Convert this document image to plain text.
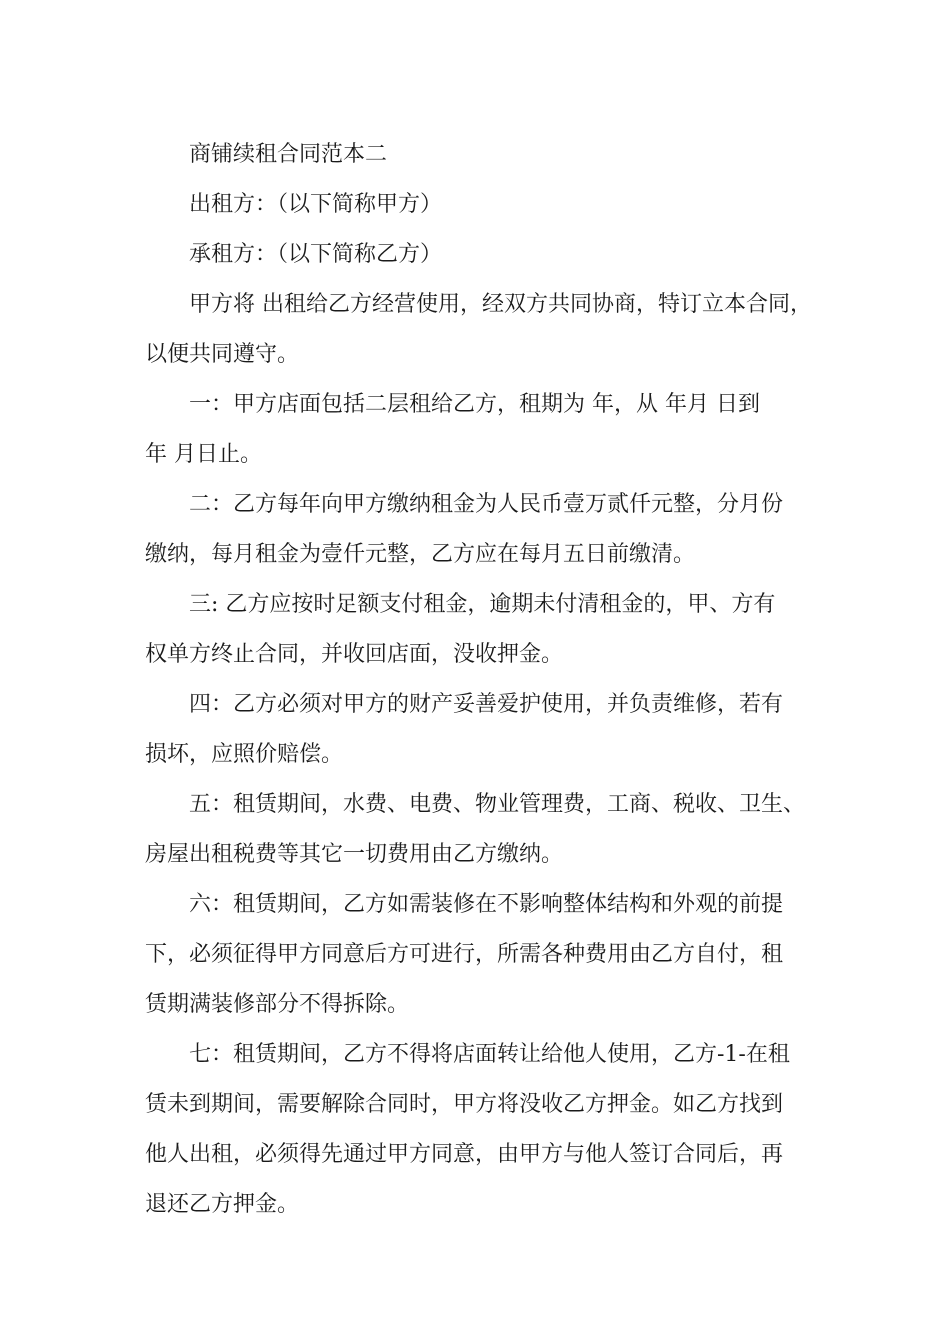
商铺续租合同范本二
出租方：（以下简称甲方）
承租方：（以下简称乙方）
甲方将 出租给乙方经营使用，经双方共同协商，特订立本合同，
以便共同遵守。
一：甲方店面包括二层租给乙方，租期为 年，从 年月 日到
年 月日止。
二：乙方每年向甲方缴纳租金为人民币壹万贰仟元整，分月份
缴纳，每月租金为壹仟元整，乙方应在每月五日前缴清。
三: 乙方应按时足额支付租金，逾期未付清租金的，甲、方有
权单方终止合同，并收回店面，没收押金。
四：乙方必须对甲方的财产妥善爱护使用，并负责维修，若有
损坏，应照价赔偿。
五：租赁期间，水费、电费、物业管理费，工商、税收、卫生、
房屋出租税费等其它一切费用由乙方缴纳。
六：租赁期间，乙方如需装修在不影响整体结构和外观的前提
下，必须征得甲方同意后方可进行，所需各种费用由乙方自付，租
赁期满装修部分不得拆除。
七：租赁期间，乙方不得将店面转让给他人使用，乙方-1-在租
赁未到期间，需要解除合同时，甲方将没收乙方押金。如乙方找到
他人出租，必须得先通过甲方同意，由甲方与他人签订合同后，再
退还乙方押金。
